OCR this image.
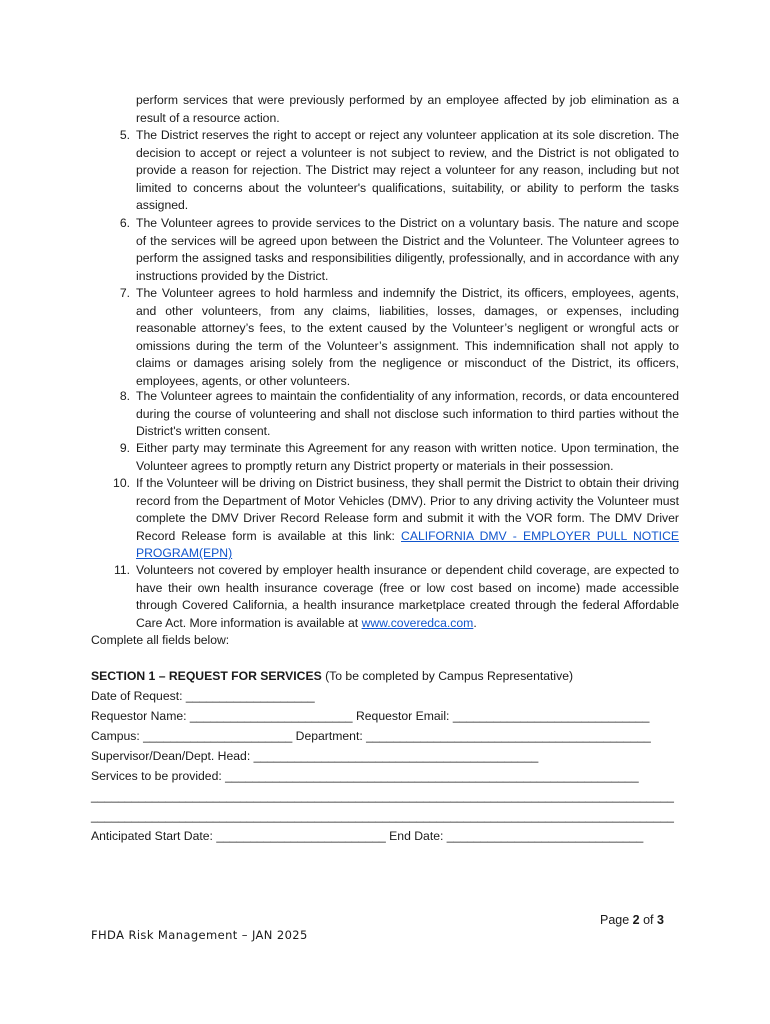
perform services that were previously performed by an employee affected by job elimination as a result of a resource action.
5. The District reserves the right to accept or reject any volunteer application at its sole discretion. The decision to accept or reject a volunteer is not subject to review, and the District is not obligated to provide a reason for rejection. The District may reject a volunteer for any reason, including but not limited to concerns about the volunteer's qualifications, suitability, or ability to perform the tasks assigned.
6. The Volunteer agrees to provide services to the District on a voluntary basis. The nature and scope of the services will be agreed upon between the District and the Volunteer. The Volunteer agrees to perform the assigned tasks and responsibilities diligently, professionally, and in accordance with any instructions provided by the District.
7. The Volunteer agrees to hold harmless and indemnify the District, its officers, employees, agents, and other volunteers, from any claims, liabilities, losses, damages, or expenses, including reasonable attorney’s fees, to the extent caused by the Volunteer’s negligent or wrongful acts or omissions during the term of the Volunteer’s assignment. This indemnification shall not apply to claims or damages arising solely from the negligence or misconduct of the District, its officers, employees, agents, or other volunteers.
8. The Volunteer agrees to maintain the confidentiality of any information, records, or data encountered during the course of volunteering and shall not disclose such information to third parties without the District's written consent.
9. Either party may terminate this Agreement for any reason with written notice. Upon termination, the Volunteer agrees to promptly return any District property or materials in their possession.
10. If the Volunteer will be driving on District business, they shall permit the District to obtain their driving record from the Department of Motor Vehicles (DMV). Prior to any driving activity the Volunteer must complete the DMV Driver Record Release form and submit it with the VOR form. The DMV Driver Record Release form is available at this link: CALIFORNIA DMV - EMPLOYER PULL NOTICE PROGRAM(EPN)
11. Volunteers not covered by employer health insurance or dependent child coverage, are expected to have their own health insurance coverage (free or low cost based on income) made accessible through Covered California, a health insurance marketplace created through the federal Affordable Care Act. More information is available at www.coveredca.com.
Complete all fields below:
SECTION 1 – REQUEST FOR SERVICES (To be completed by Campus Representative)
Date of Request: ___________________
Requestor Name: ________________________ Requestor Email: _____________________________
Campus: ______________________ Department: __________________________________________
Supervisor/Dean/Dept. Head: __________________________________________
Services to be provided: _____________________________________________________________
______________________________________________________________________________________
______________________________________________________________________________________
Anticipated Start Date: _________________________ End Date: _____________________________
Page 2 of 3
FHDA Risk Management – JAN 2025
